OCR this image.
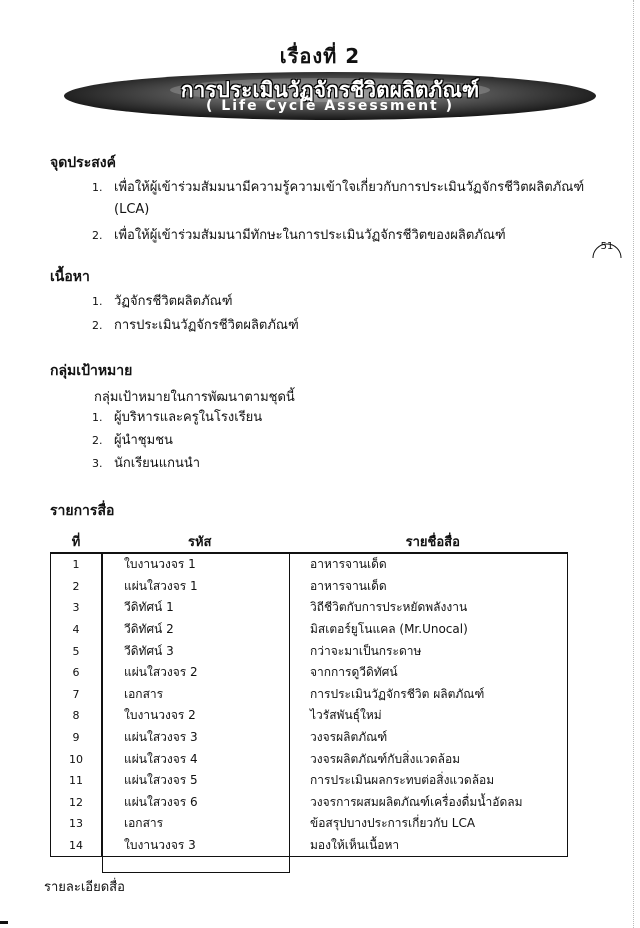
เรื่องที่ 2
การประเมินวัฏจักรชีวิตผลิตภัณฑ์
( Life Cycle Assessment )
51
จุดประสงค์
1. เพื่อให้ผู้เข้าร่วมสัมมนามีความรู้ความเข้าใจเกี่ยวกับการประเมินวัฏจักรชีวิตผลิตภัณฑ์
(LCA)
2. เพื่อให้ผู้เข้าร่วมสัมมนามีทักษะในการประเมินวัฏจักรชีวิตของผลิตภัณฑ์
เนื้อหา
1. วัฏจักรชีวิตผลิตภัณฑ์
2. การประเมินวัฏจักรชีวิตผลิตภัณฑ์
กลุ่มเป้าหมาย
กลุ่มเป้าหมายในการพัฒนาตามชุดนี้
1. ผู้บริหารและครูในโรงเรียน
2. ผู้นำชุมชน
3. นักเรียนแกนนำ
รายการสื่อ
ที่	รหัส	รายชื่อสื่อ
1	ใบงานวงจร 1	อาหารจานเด็ด
2	แผ่นใสวงจร 1	อาหารจานเด็ด
3	วีดิทัศน์ 1	วิถีชีวิตกับการประหยัดพลังงาน
4	วีดิทัศน์ 2	มิสเตอร์ยูโนแคล (Mr.Unocal)
5	วีดิทัศน์ 3	กว่าจะมาเป็นกระดาษ
6	แผ่นใสวงจร 2	จากการดูวีดิทัศน์
7	เอกสาร	การประเมินวัฏจักรชีวิต ผลิตภัณฑ์
8	ใบงานวงจร 2	ไวรัสพันธุ์ใหม่
9	แผ่นใสวงจร 3	วงจรผลิตภัณฑ์
10	แผ่นใสวงจร 4	วงจรผลิตภัณฑ์กับสิ่งแวดล้อม
11	แผ่นใสวงจร 5	การประเมินผลกระทบต่อสิ่งแวดล้อม
12	แผ่นใสวงจร 6	วงจรการผสมผลิตภัณฑ์เครื่องดื่มน้ำอัดลม
13	เอกสาร	ข้อสรุปบางประการเกี่ยวกับ LCA
14	ใบงานวงจร 3	มองให้เห็นเนื้อหา
รายละเอียดสื่อ
